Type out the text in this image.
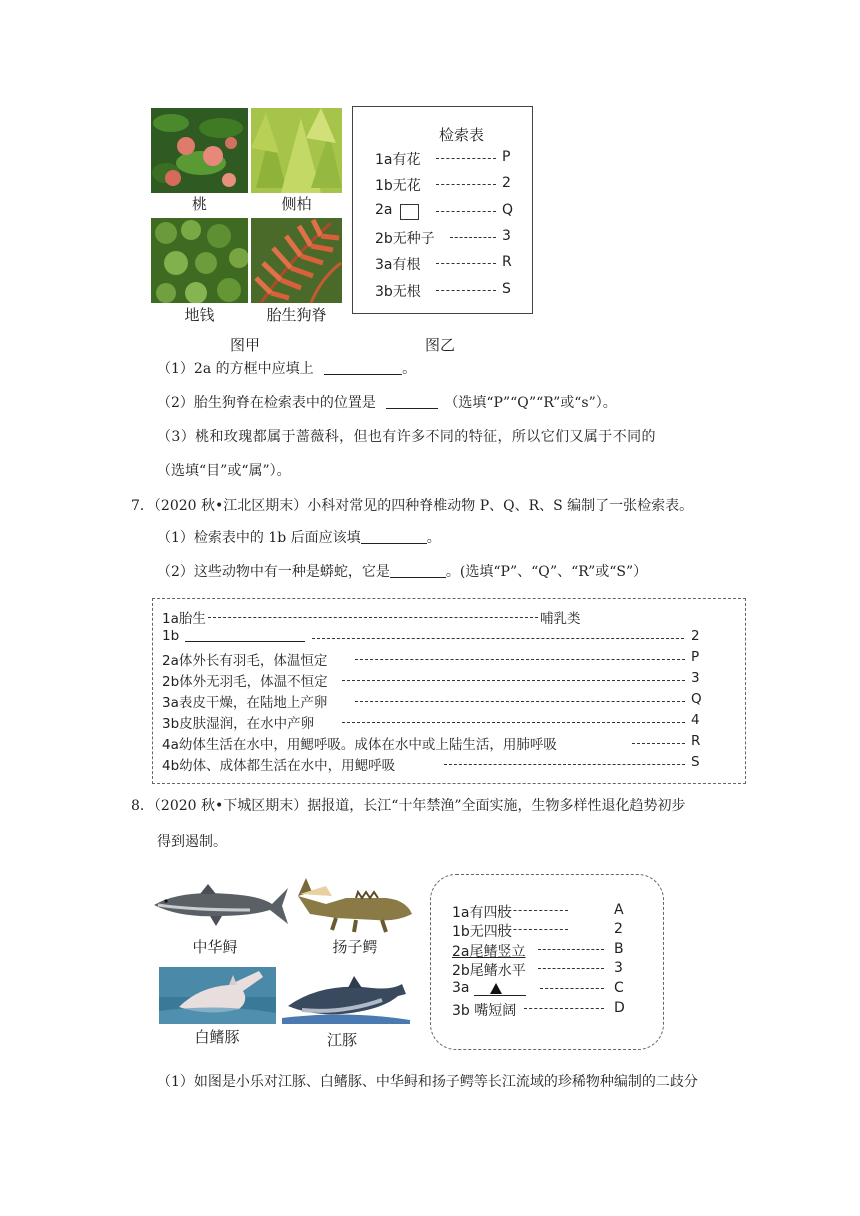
桃	侧柏
地钱	胎生狗脊
图甲
检索表
1a有花	P
1b无花	2
2a	Q
2b无种子	3
3a有根	R
3b无根	S
图乙
（1）2a 的方框中应填上	。
（2）胎生狗脊在检索表中的位置是	（选填“P”“Q”“R”或“s”）。
（3）桃和玫瑰都属于蔷薇科，但也有许多不同的特征，所以它们又属于不同的
（选填“目”或“属”）。
7．（2020 秋•江北区期末）小科对常见的四种脊椎动物 P、Q、R、S 编制了一张检索表。
（1）检索表中的 1b 后面应该填	。
（2）这些动物中有一种是蟒蛇，它是	。(选填“P”、“Q”、“R”或“S”）
1a胎生	哺乳类
1b	2
2a体外长有羽毛，体温恒定	P
2b体外无羽毛，体温不恒定	3
3a表皮干燥，在陆地上产卵	Q
3b皮肤湿润，在水中产卵	4
4a幼体生活在水中，用鳃呼吸。成体在水中或上陆生活，用肺呼吸	R
4b幼体、成体都生活在水中，用鳃呼吸	S
8．（2020 秋•下城区期末）据报道，长江“十年禁渔”全面实施，生物多样性退化趋势初步
得到遏制。
中华鲟	扬子鳄
白鳍豚	江豚
1a有四肢	A
1b无四肢	2
2a尾鳍竖立	B
2b尾鳍水平	3
3a	C
3b 嘴短阔	D
（1）如图是小乐对江豚、白鳍豚、中华鲟和扬子鳄等长江流域的珍稀物种编制的二歧分
